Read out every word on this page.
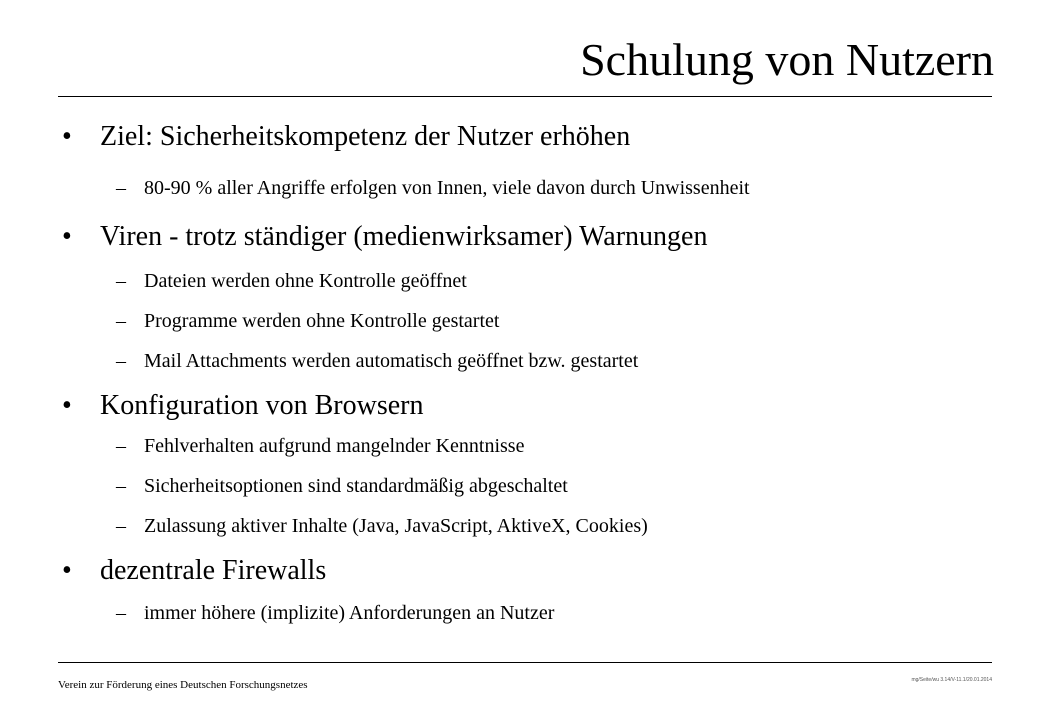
Schulung von Nutzern
• Ziel: Sicherheitskompetenz der Nutzer erhöhen
– 80-90 % aller Angriffe erfolgen von Innen, viele davon durch Unwissenheit
• Viren - trotz ständiger (medienwirksamer) Warnungen
– Dateien werden ohne Kontrolle geöffnet
– Programme werden ohne Kontrolle gestartet
– Mail Attachments werden automatisch geöffnet bzw. gestartet
• Konfiguration von Browsern
– Fehlverhalten aufgrund mangelnder Kenntnisse
– Sicherheitsoptionen sind standardmäßig abgeschaltet
– Zulassung aktiver Inhalte (Java, JavaScript, AktiveX, Cookies)
• dezentrale Firewalls
– immer höhere (implizite) Anforderungen an Nutzer
Verein zur Förderung eines Deutschen Forschungsnetzes	mg/Seite/wu 3.14/V-11.1/20.01.2014
